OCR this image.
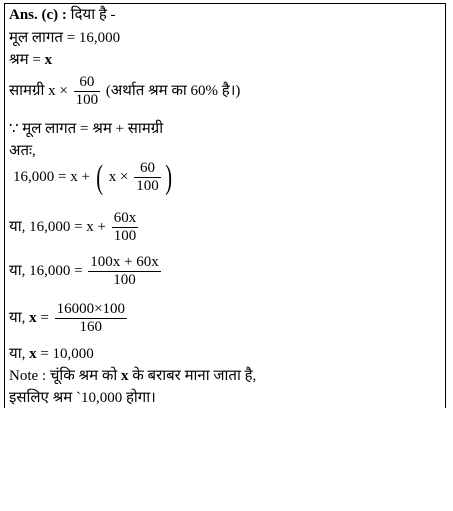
Ans. (c) : दिया है -
मूल लागत = 16,000
श्रम = x
सामग्री $x \times \frac{60}{100}$ (अर्थात श्रम का 60% है।)
∵ मूल लागत = श्रम + सामग्री
अतः,
16,000 = x + ( $x \times \frac{60}{100}$ )
या, $16,000 = x + \frac{60x}{100}$
या, $16,000 = \frac{100x + 60x}{100}$
या, $x = \frac{16000\times 100}{160}$
या, x = 10,000
Note : चूंकि श्रम को x के बराबर माना जाता है,
इसलिए श्रम `10,000 होगा।
